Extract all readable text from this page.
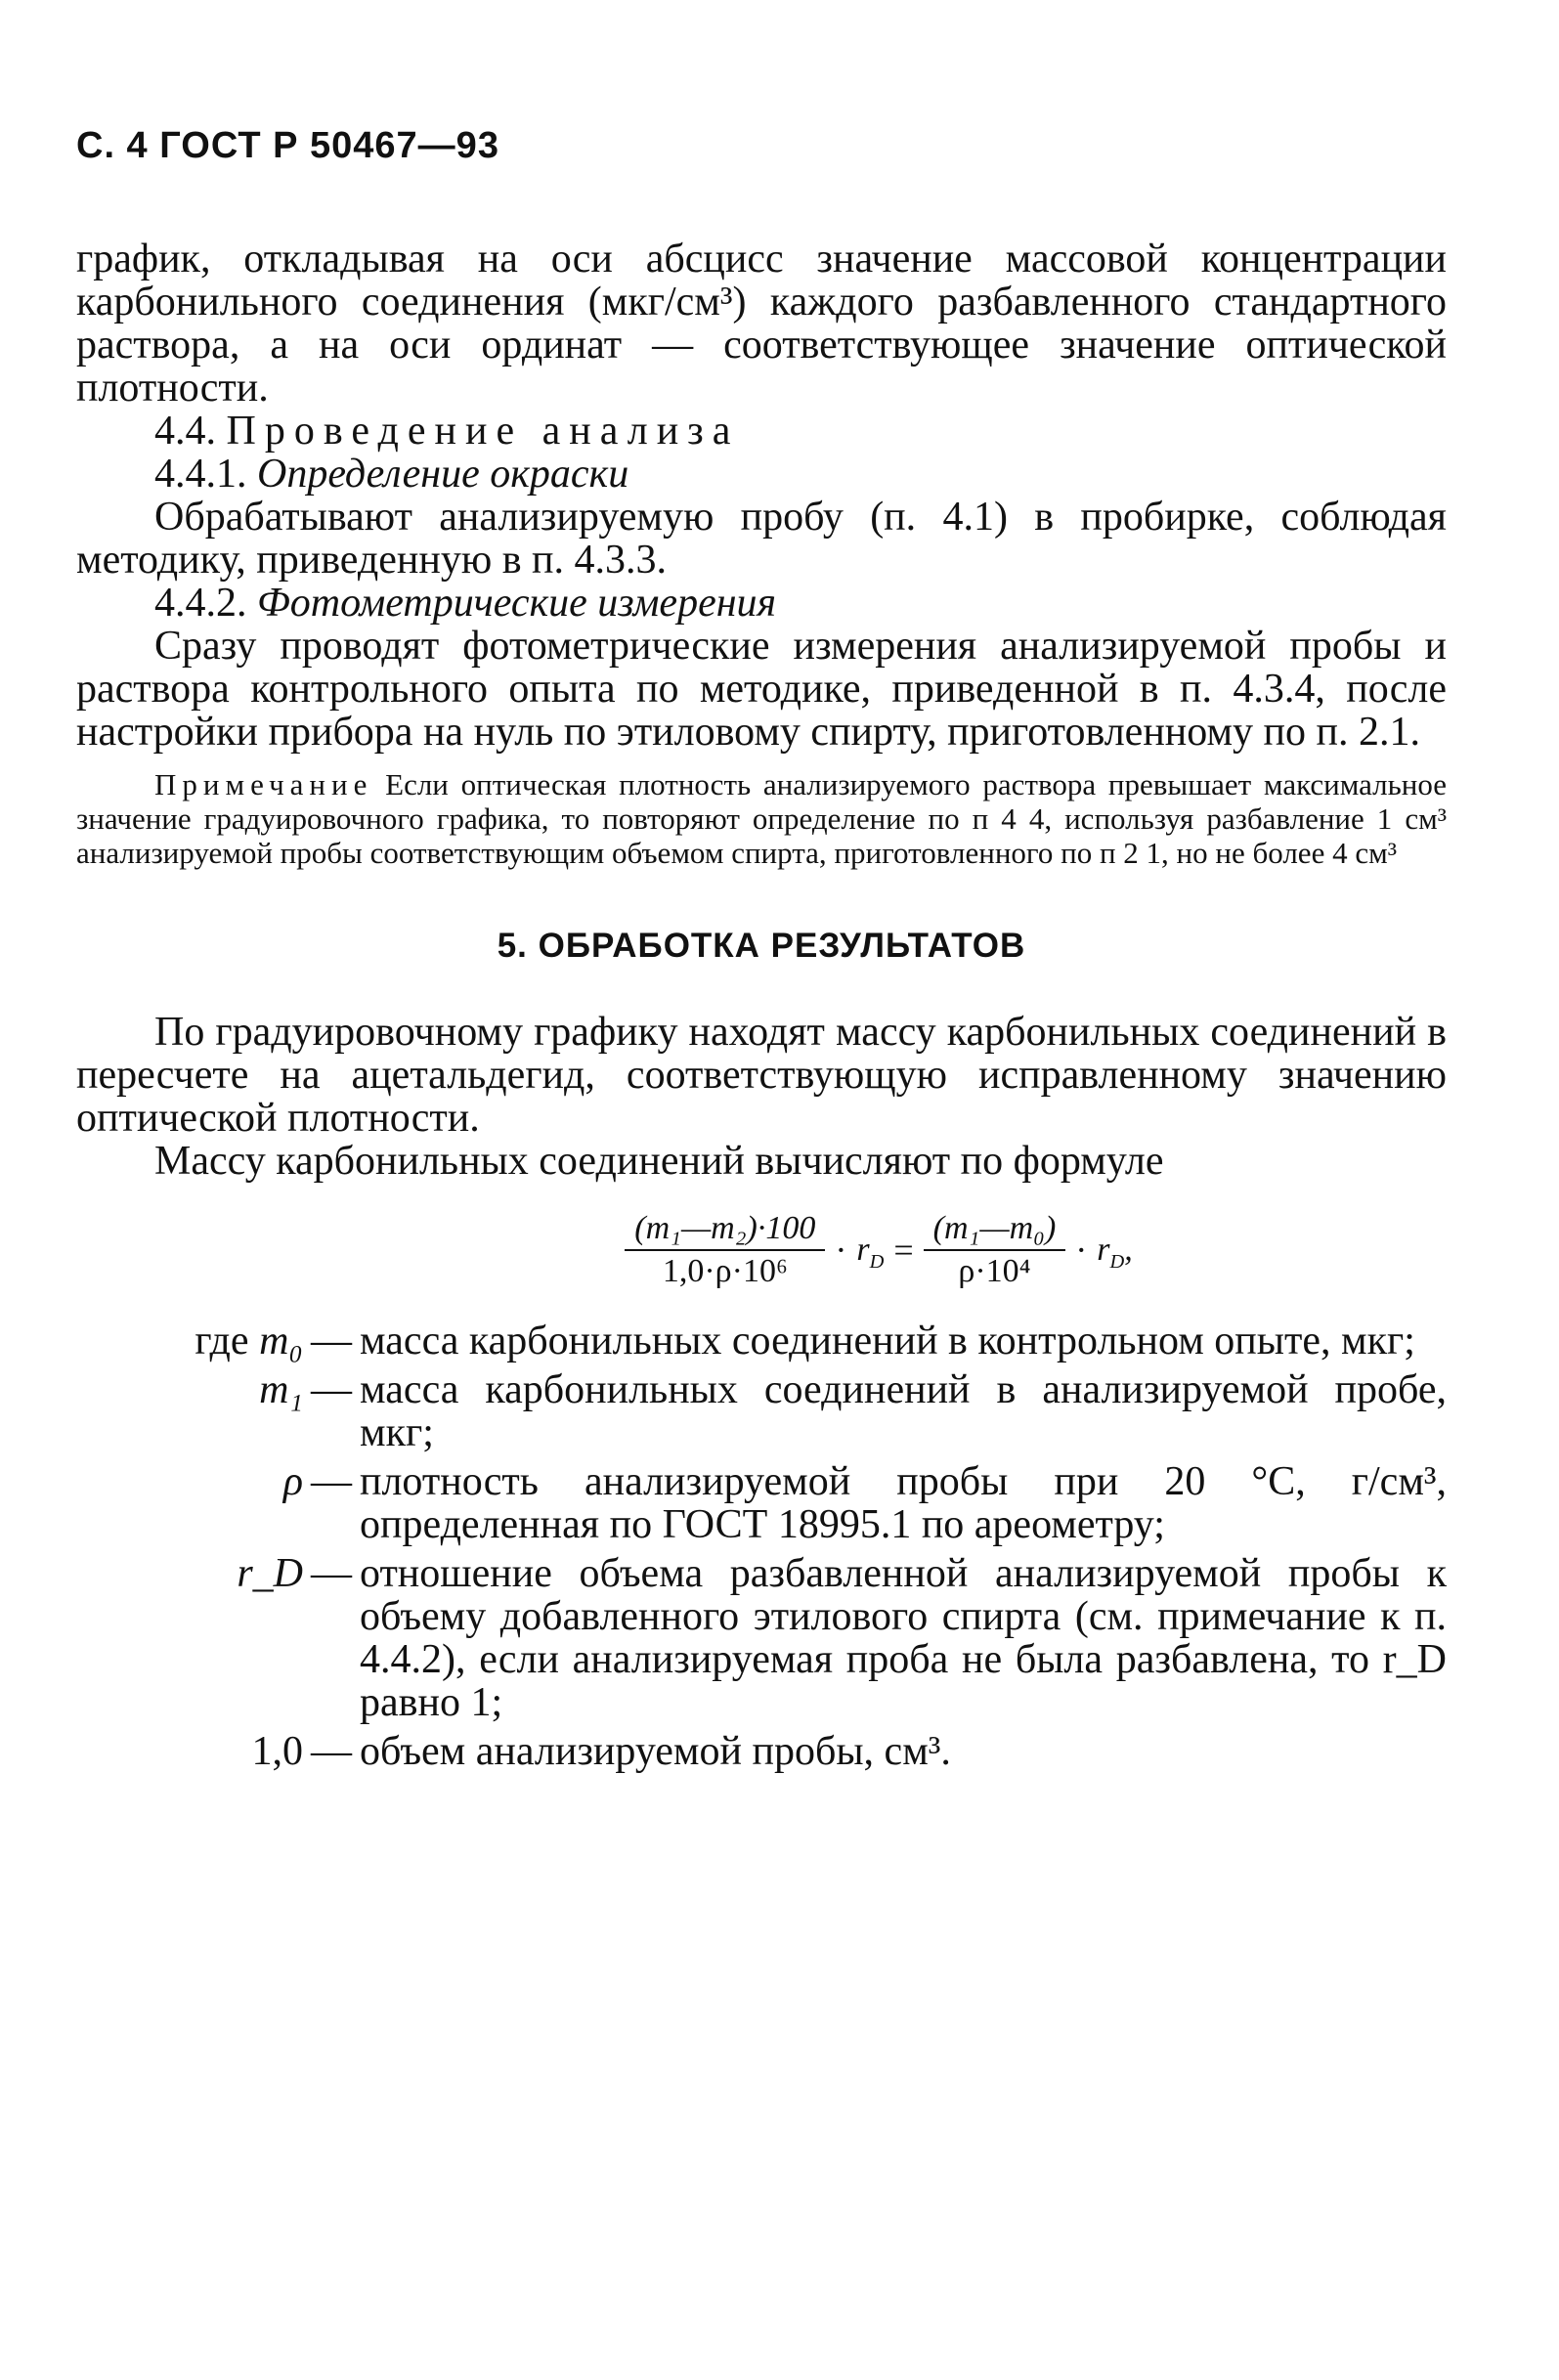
С. 4 ГОСТ Р 50467—93

график, откладывая на оси абсцисс значение массовой концентрации карбонильного соединения (мкг/см³) каждого разбавленного стандартного раствора, а на оси ординат — соответствующее значение оптической плотности.

4.4. Проведение анализа

4.4.1. Определение окраски

Обрабатывают анализируемую пробу (п. 4.1) в пробирке, соблюдая методику, приведенную в п. 4.3.3.

4.4.2. Фотометрические измерения

Сразу проводят фотометрические измерения анализируемой пробы и раствора контрольного опыта по методике, приведенной в п. 4.3.4, после настройки прибора на нуль по этиловому спирту, приготовленному по п. 2.1.

Примечание Если оптическая плотность анализируемого раствора превышает максимальное значение градуировочного графика, то повторяют определение по п 4 4, используя разбавление 1 см³ анализируемой пробы соответствующим объемом спирта, приготовленного по п 2 1, но не более 4 см³

5. ОБРАБОТКА РЕЗУЛЬТАТОВ

По градуировочному графику находят массу карбонильных соединений в пересчете на ацетальдегид, соответствующую исправленному значению оптической плотности.

Массу карбонильных соединений вычисляют по формуле

$\frac{\text{(m₁—m₂)·100}}{\text{1,0·ρ·10⁶}} \cdot r_D = \frac{\text{(m₁—m₀)}}{\text{ρ·10⁴}} \cdot r_D$,
где m₀ — масса карбонильных соединений в контрольном опыте, мкг;
m₁ — масса карбонильных соединений в анализируемой пробе, мкг;
ρ — плотность анализируемой пробы при 20 °C, г/см³, определенная по ГОСТ 18995.1 по ареометру;
r_D — отношение объема разбавленной анализируемой пробы к объему добавленного этилового спирта (см. примечание к п. 4.4.2), если анализируемая проба не была разбавлена, то r_D равно 1;
1,0 — объем анализируемой пробы, см³.
